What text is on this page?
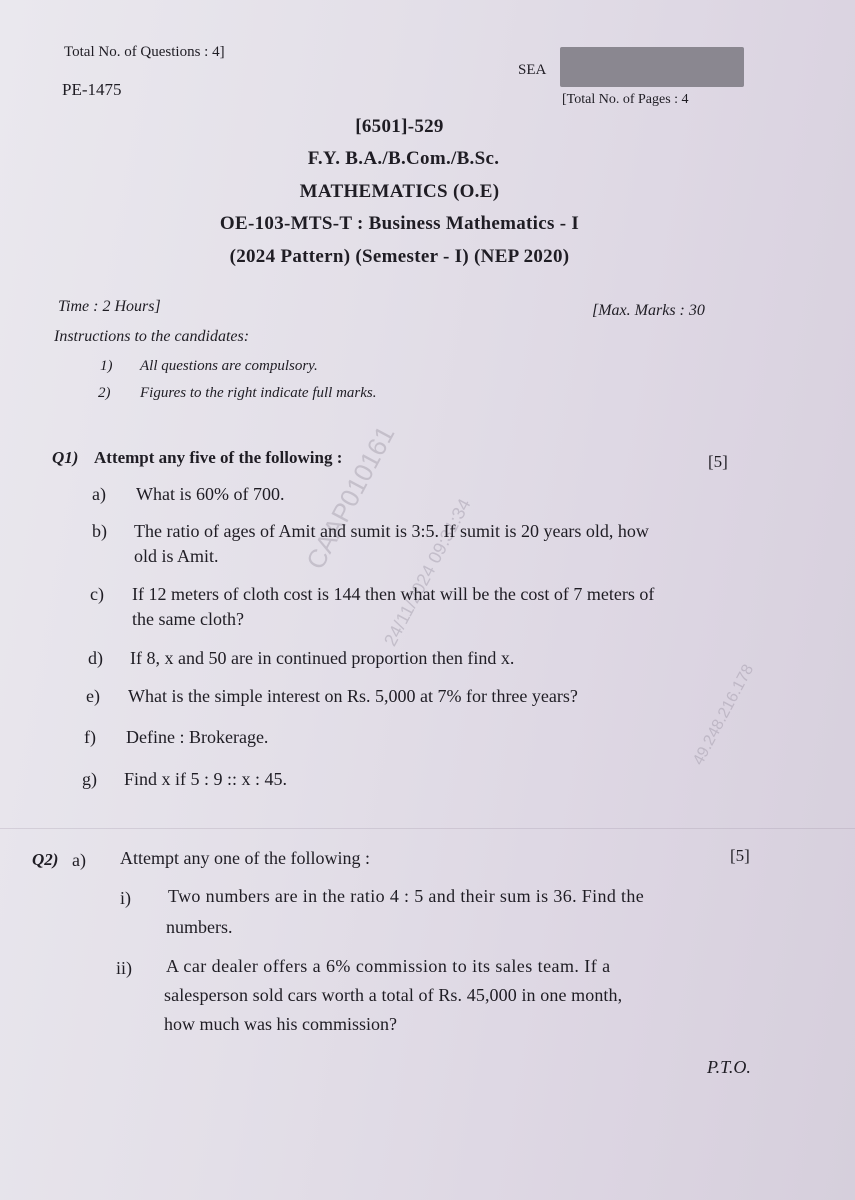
CAAP010161
24/11/2024 09:31:34
49.248.216.178
Total No. of Questions : 4]
SEA
PE-1475
[Total No. of Pages : 4
[6501]-529
F.Y. B.A./B.Com./B.Sc.
MATHEMATICS (O.E)
OE-103-MTS-T : Business Mathematics - I
(2024 Pattern) (Semester - I) (NEP 2020)
Time : 2 Hours]	[Max. Marks : 30
Instructions to the candidates:
1) All questions are compulsory.
2) Figures to the right indicate full marks.
Q1) Attempt any five of the following :	[5]
a) What is 60% of 700.
b) The ratio of ages of Amit and sumit is 3:5. If sumit is 20 years old, how
old is Amit.
c) If 12 meters of cloth cost is 144 then what will be the cost of 7 meters of
the same cloth?
d) If 8, x and 50 are in continued proportion then find x.
e) What is the simple interest on Rs. 5,000 at 7% for three years?
f) Define : Brokerage.
g) Find x if 5 : 9 :: x : 45.
Q2) a) Attempt any one of the following :	[5]
i) Two numbers are in the ratio 4 : 5 and their sum is 36. Find the
numbers.
ii) A car dealer offers a 6% commission to its sales team. If a
salesperson sold cars worth a total of Rs. 45,000 in one month,
how much was his commission?
P.T.O.
